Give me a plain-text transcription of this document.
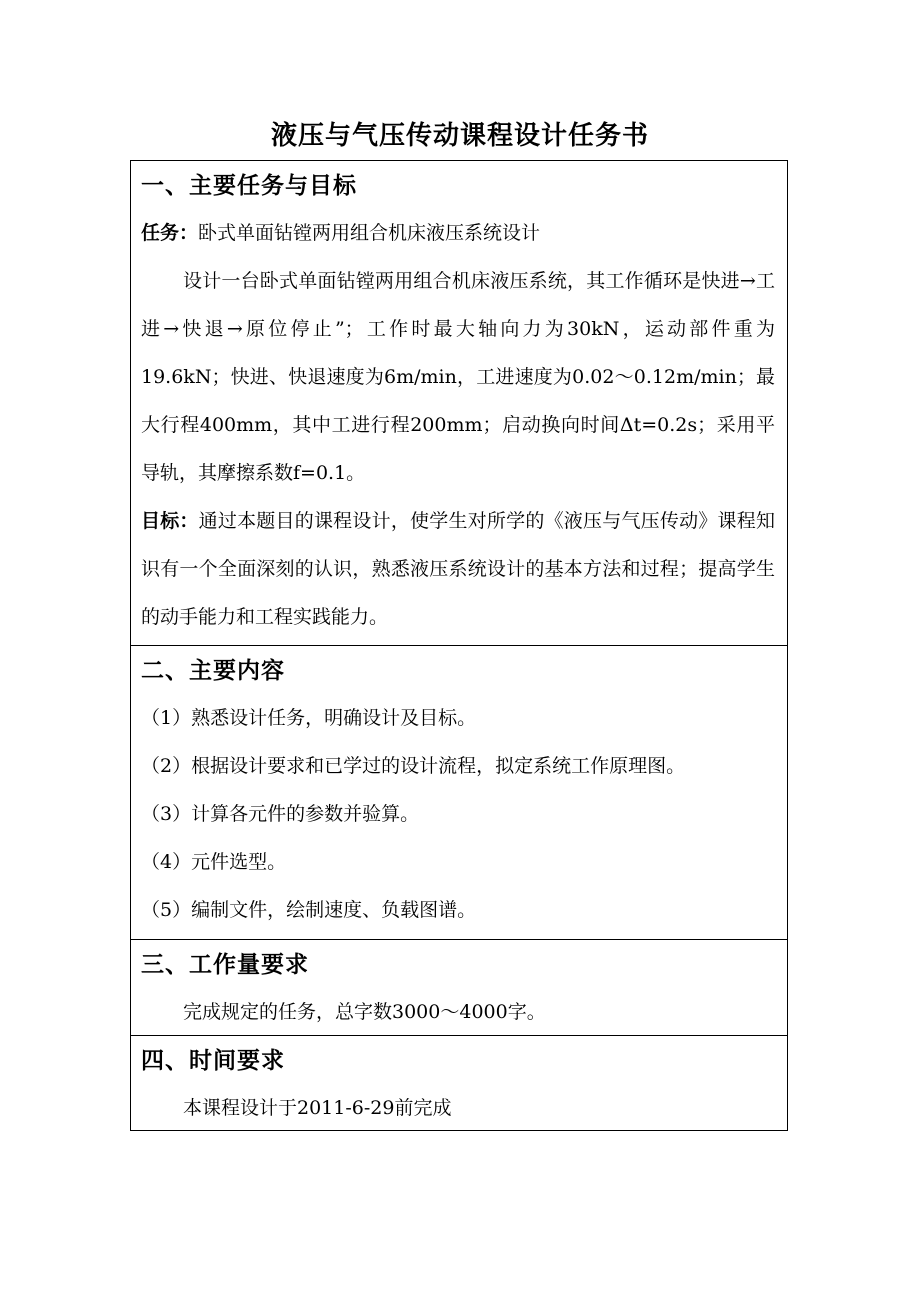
液压与气压传动课程设计任务书
一、主要任务与目标
任务：卧式单面钻镗两用组合机床液压系统设计

设计一台卧式单面钻镗两用组合机床液压系统，其工作循环是快进→工进→快退→原位停止”；工作时最大轴向力为30kN，运动部件重为19.6kN；快进、快退速度为6m/min，工进速度为0.02～0.12m/min；最大行程400mm，其中工进行程200mm；启动换向时间Δt=0.2s；采用平导轨，其摩擦系数f=0.1。

目标：通过本题目的课程设计，使学生对所学的《液压与气压传动》课程知识有一个全面深刻的认识，熟悉液压系统设计的基本方法和过程；提高学生的动手能力和工程实践能力。

二、主要内容
（1）熟悉设计任务，明确设计及目标。
（2）根据设计要求和已学过的设计流程，拟定系统工作原理图。
（3）计算各元件的参数并验算。
（4）元件选型。
（5）编制文件，绘制速度、负载图谱。
三、工作量要求
完成规定的任务，总字数3000～4000字。
四、时间要求
本课程设计于2011-6-29前完成
